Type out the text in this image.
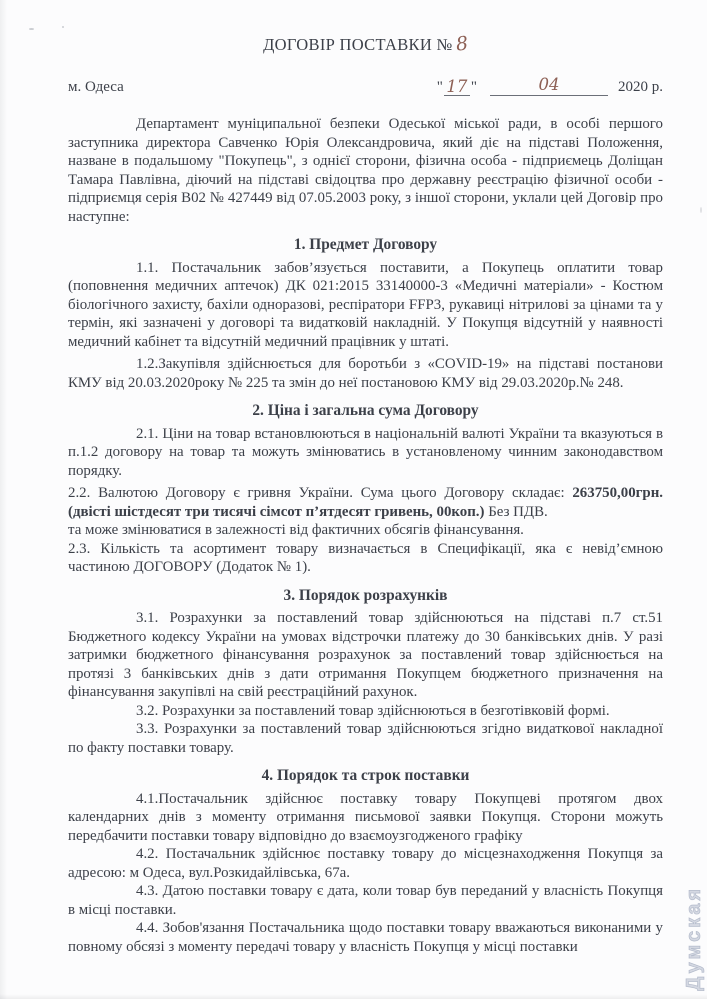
ДОГОВІР ПОСТАВКИ №8
м. Одеса	" 17 "	04	2020 р.

Департамент муніципальної безпеки Одеської міської ради, в особі першого заступника директора Савченко Юрія Олександровича, який діє на підставі Положення, назване в подальшому "Покупець", з однієї сторони, фізична особа - підприємець Доліщан Тамара Павлівна, діючий на підставі свідоцтва про державну реєстрацію фізичної особи - підприємця серія В02 № 427449 від 07.05.2003 року, з іншої сторони, уклали цей Договір про наступне:

1. Предмет Договору

1.1. Постачальник забов’язується поставити, а Покупець оплатити товар (поповнення медичних аптечок) ДК 021:2015 33140000-3 «Медичні матеріали» - Костюм біологічного захисту, бахіли одноразові, респіратори FFP3, рукавиці нітрилові за цінами та у термін, які зазначені у договорі та видатковій накладній. У Покупця відсутній у наявності медичний кабінет та відсутній медичний працівник у штаті.

1.2.Закупівля здійснюється для боротьби з «COVID-19» на підставі постанови КМУ від 20.03.2020року № 225 та змін до неї постановою КМУ від 29.03.2020р.№ 248.

2. Ціна і загальна сума Договору

2.1. Ціни на товар встановлюються в національній валюті України та вказуються в п.1.2 договору на товар та можуть змінюватись в установленому чинним законодавством порядку.

2.2. Валютою Договору є гривня України. Сума цього Договору складає: 263750,00грн. (двісті шістдесят три тисячі сімсот п’ятдесят гривень, 00коп.) Без ПДВ.

та може змінюватися в залежності від фактичних обсягів фінансування.

2.3. Кількість та асортимент товару визначається в Специфікації, яка є невід’ємною частиною ДОГОВОРУ (Додаток № 1).

3. Порядок розрахунків

3.1. Розрахунки за поставлений товар здійснюються на підставі п.7 ст.51 Бюджетного кодексу України на умовах відстрочки платежу до 30 банківських днів. У разі затримки бюджетного фінансування розрахунок за поставлений товар здійснюється на протязі 3 банківських днів з дати отримання Покупцем бюджетного призначення на фінансування закупівлі на свій реєстраційний рахунок.

3.2. Розрахунки за поставлений товар здійснюються в безготівковій формі.

3.3. Розрахунки за поставлений товар здійснюються згідно видаткової накладної по факту поставки товару.

4. Порядок та строк поставки

4.1.Постачальник здійснює поставку товару Покупцеві протягом двох календарних днів з моменту отримання письмової заявки Покупця. Сторони можуть передбачити поставки товару відповідно до взаємоузгодженого графіку

4.2. Постачальник здійснює поставку товару до місцезнаходження Покупця за адресою: м Одеса, вул.Розкидайлівська, 67а.

4.3. Датою поставки товару є дата, коли товар був переданий у власність Покупця в місці поставки.

4.4. Зобов'язання Постачальника щодо поставки товару вважаються виконаними у повному обсязі з моменту передачі товару у власність Покупця у місці поставки	Думская
